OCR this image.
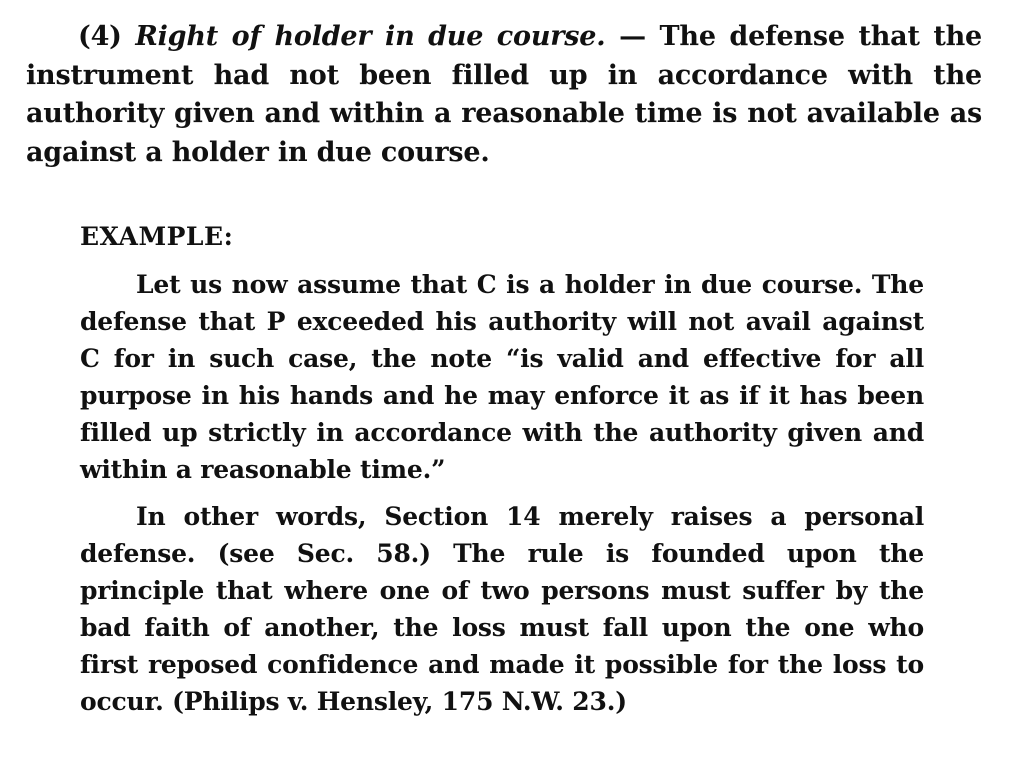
(4) Right of holder in due course. — The defense that the instrument had not been filled up in accordance with the authority given and within a reasonable time is not available as against a holder in due course.

EXAMPLE:

Let us now assume that C is a holder in due course. The defense that P exceeded his authority will not avail against C for in such case, the note “is valid and effective for all purpose in his hands and he may enforce it as if it has been filled up strictly in accordance with the authority given and within a reasonable time.”

In other words, Section 14 merely raises a personal defense. (see Sec. 58.) The rule is founded upon the principle that where one of two persons must suffer by the bad faith of another, the loss must fall upon the one who first reposed confidence and made it possible for the loss to occur. (Philips v. Hensley, 175 N.W. 23.)
